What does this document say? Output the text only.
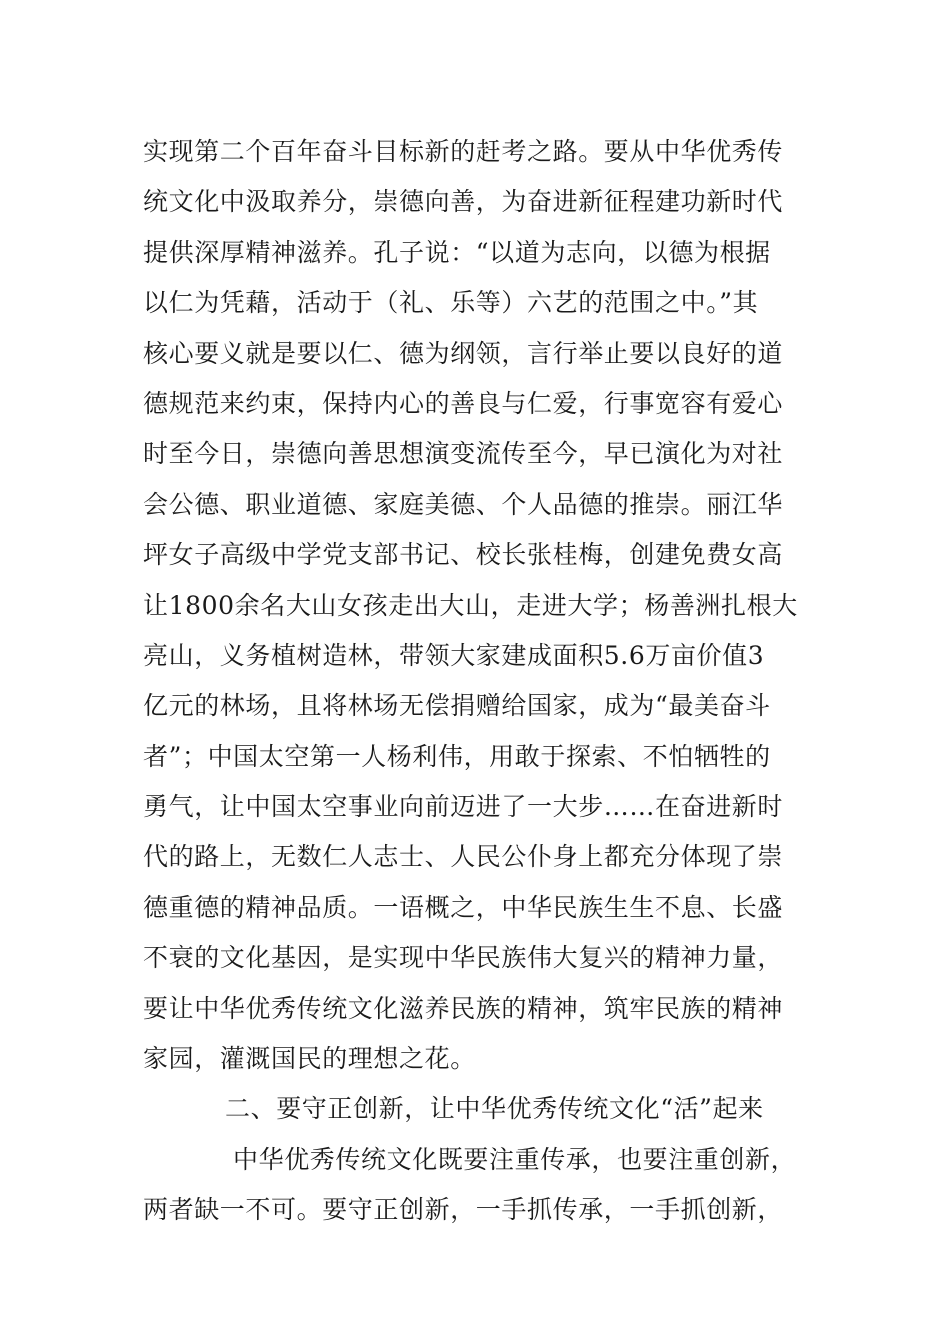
实现第二个百年奋斗目标新的赶考之路。要从中华优秀传
统文化中汲取养分，崇德向善，为奋进新征程建功新时代
提供深厚精神滋养。孔子说：“以道为志向，以德为根据
以仁为凭藉，活动于（礼、乐等）六艺的范围之中。”其
核心要义就是要以仁、德为纲领，言行举止要以良好的道
德规范来约束，保持内心的善良与仁爱，行事宽容有爱心
时至今日，崇德向善思想演变流传至今，早已演化为对社
会公德、职业道德、家庭美德、个人品德的推崇。丽江华
坪女子高级中学党支部书记、校长张桂梅，创建免费女高
让1800余名大山女孩走出大山，走进大学；杨善洲扎根大
亮山，义务植树造林，带领大家建成面积5.6万亩价值3
亿元的林场，且将林场无偿捐赠给国家，成为“最美奋斗
者”；中国太空第一人杨利伟，用敢于探索、不怕牺牲的
勇气，让中国太空事业向前迈进了一大步……在奋进新时
代的路上，无数仁人志士、人民公仆身上都充分体现了崇
德重德的精神品质。一语概之，中华民族生生不息、长盛
不衰的文化基因，是实现中华民族伟大复兴的精神力量，
要让中华优秀传统文化滋养民族的精神，筑牢民族的精神
家园，灌溉国民的理想之花。
二、要守正创新，让中华优秀传统文化“活”起来
中华优秀传统文化既要注重传承，也要注重创新，
两者缺一不可。要守正创新，一手抓传承，一手抓创新，
